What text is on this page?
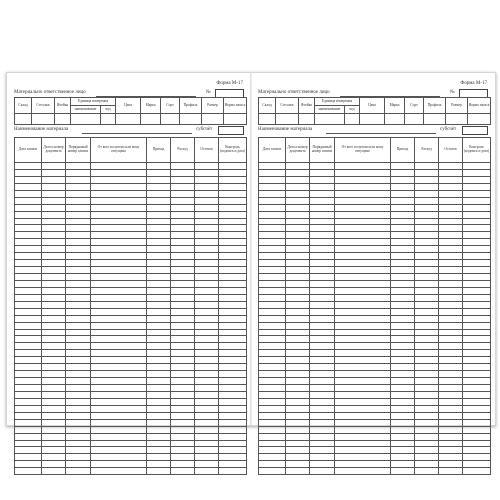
Форма М-17
Материально ответственное лицо	№
Склад	Стеллаж	Ячейка	Единица измерения		Цена	Марка	Сорт	Профиль	Размер	Норма запаса
			наименование	код						

Наименование материала	субсчёт
Дата записи	Дата и номер документа	Порядковый номер записи	От кого получено или кому отпущено	Приход	Расход	Остаток	Контроль (подпись и дата)

Форма М-17
Материально ответственное лицо	№
Склад	Стеллаж	Ячейка	Единица измерения		Цена	Марка	Сорт	Профиль	Размер	Норма запаса
			наименование	код						

Наименование материала	субсчёт
Дата записи	Дата и номер документа	Порядковый номер записи	От кого получено или кому отпущено	Приход	Расход	Остаток	Контроль (подпись и дата)
